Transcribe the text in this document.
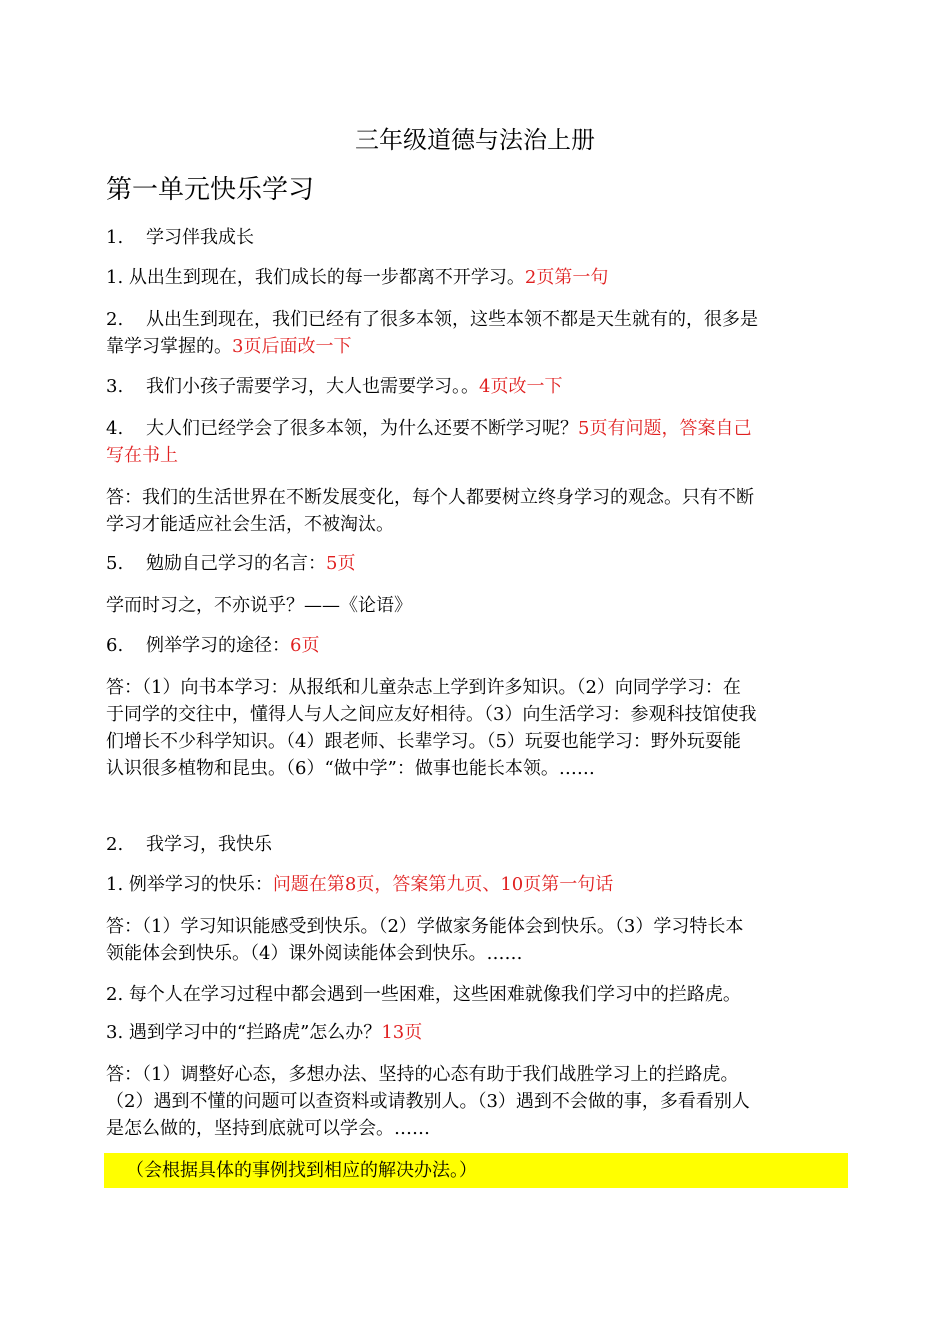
三年级道德与法治上册
第一单元快乐学习
1. 学习伴我成长
1. 从出生到现在，我们成长的每一步都离不开学习。2页第一句
2. 从出生到现在，我们已经有了很多本领，这些本领不都是天生就有的，很多是
靠学习掌握的。3页后面改一下
3. 我们小孩子需要学习，大人也需要学习。。4页改一下
4. 大人们已经学会了很多本领，为什么还要不断学习呢？5页有问题，答案自己
写在书上
答：我们的生活世界在不断发展变化，每个人都要树立终身学习的观念。只有不断
学习才能适应社会生活，不被淘汰。
5. 勉励自己学习的名言：5页
学而时习之，不亦说乎？——《论语》
6. 例举学习的途径：6页
答：（1）向书本学习：从报纸和儿童杂志上学到许多知识。（2）向同学学习：在
于同学的交往中，懂得人与人之间应友好相待。（3）向生活学习：参观科技馆使我
们增长不少科学知识。（4）跟老师、长辈学习。（5）玩耍也能学习：野外玩耍能
认识很多植物和昆虫。（6）“做中学”：做事也能长本领。……
2. 我学习，我快乐
1. 例举学习的快乐：问题在第8页，答案第九页、10页第一句话
答：（1）学习知识能感受到快乐。（2）学做家务能体会到快乐。（3）学习特长本
领能体会到快乐。（4）课外阅读能体会到快乐。……
2. 每个人在学习过程中都会遇到一些困难，这些困难就像我们学习中的拦路虎。
3. 遇到学习中的“拦路虎”怎么办？13页
答：（1）调整好心态，多想办法、坚持的心态有助于我们战胜学习上的拦路虎。
（2）遇到不懂的问题可以查资料或请教别人。（3）遇到不会做的事，多看看别人
是怎么做的，坚持到底就可以学会。……
（会根据具体的事例找到相应的解决办法。）
